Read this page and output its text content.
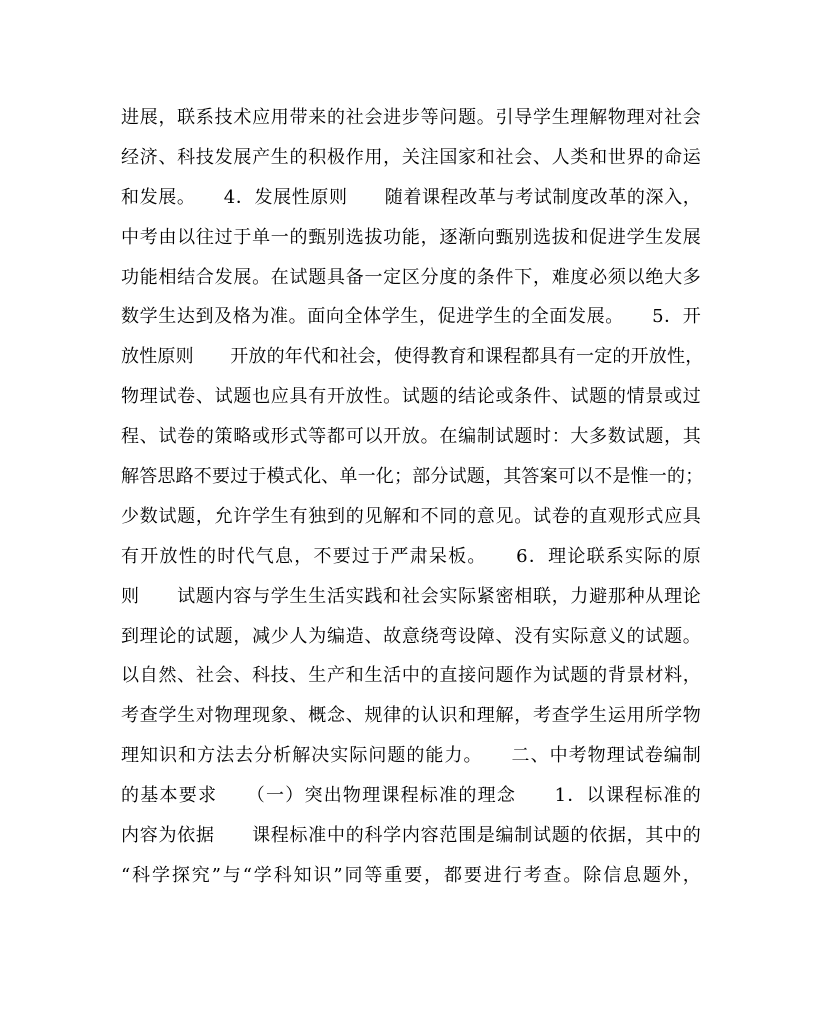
进展，联系技术应用带来的社会进步等问题。引导学生理解物理对社会
经济、科技发展产生的积极作用，关注国家和社会、人类和世界的命运
和发展。　　4．发展性原则　　随着课程改革与考试制度改革的深入，
中考由以往过于单一的甄别选拔功能，逐渐向甄别选拔和促进学生发展
功能相结合发展。在试题具备一定区分度的条件下，难度必须以绝大多
数学生达到及格为准。面向全体学生，促进学生的全面发展。　　5．开
放性原则　　开放的年代和社会，使得教育和课程都具有一定的开放性，
物理试卷、试题也应具有开放性。试题的结论或条件、试题的情景或过
程、试卷的策略或形式等都可以开放。在编制试题时：大多数试题，其
解答思路不要过于模式化、单一化；部分试题，其答案可以不是惟一的；
少数试题，允许学生有独到的见解和不同的意见。试卷的直观形式应具
有开放性的时代气息，不要过于严肃呆板。　　6．理论联系实际的原
则　　试题内容与学生生活实践和社会实际紧密相联，力避那种从理论
到理论的试题，减少人为编造、故意绕弯设障、没有实际意义的试题。
以自然、社会、科技、生产和生活中的直接问题作为试题的背景材料，
考查学生对物理现象、概念、规律的认识和理解，考查学生运用所学物
理知识和方法去分析解决实际问题的能力。　　二、中考物理试卷编制
的基本要求　　（一）突出物理课程标准的理念　　1．以课程标准的
内容为依据　　课程标准中的科学内容范围是编制试题的依据，其中的
“科学探究”与“学科知识”同等重要，都要进行考查。除信息题外，
